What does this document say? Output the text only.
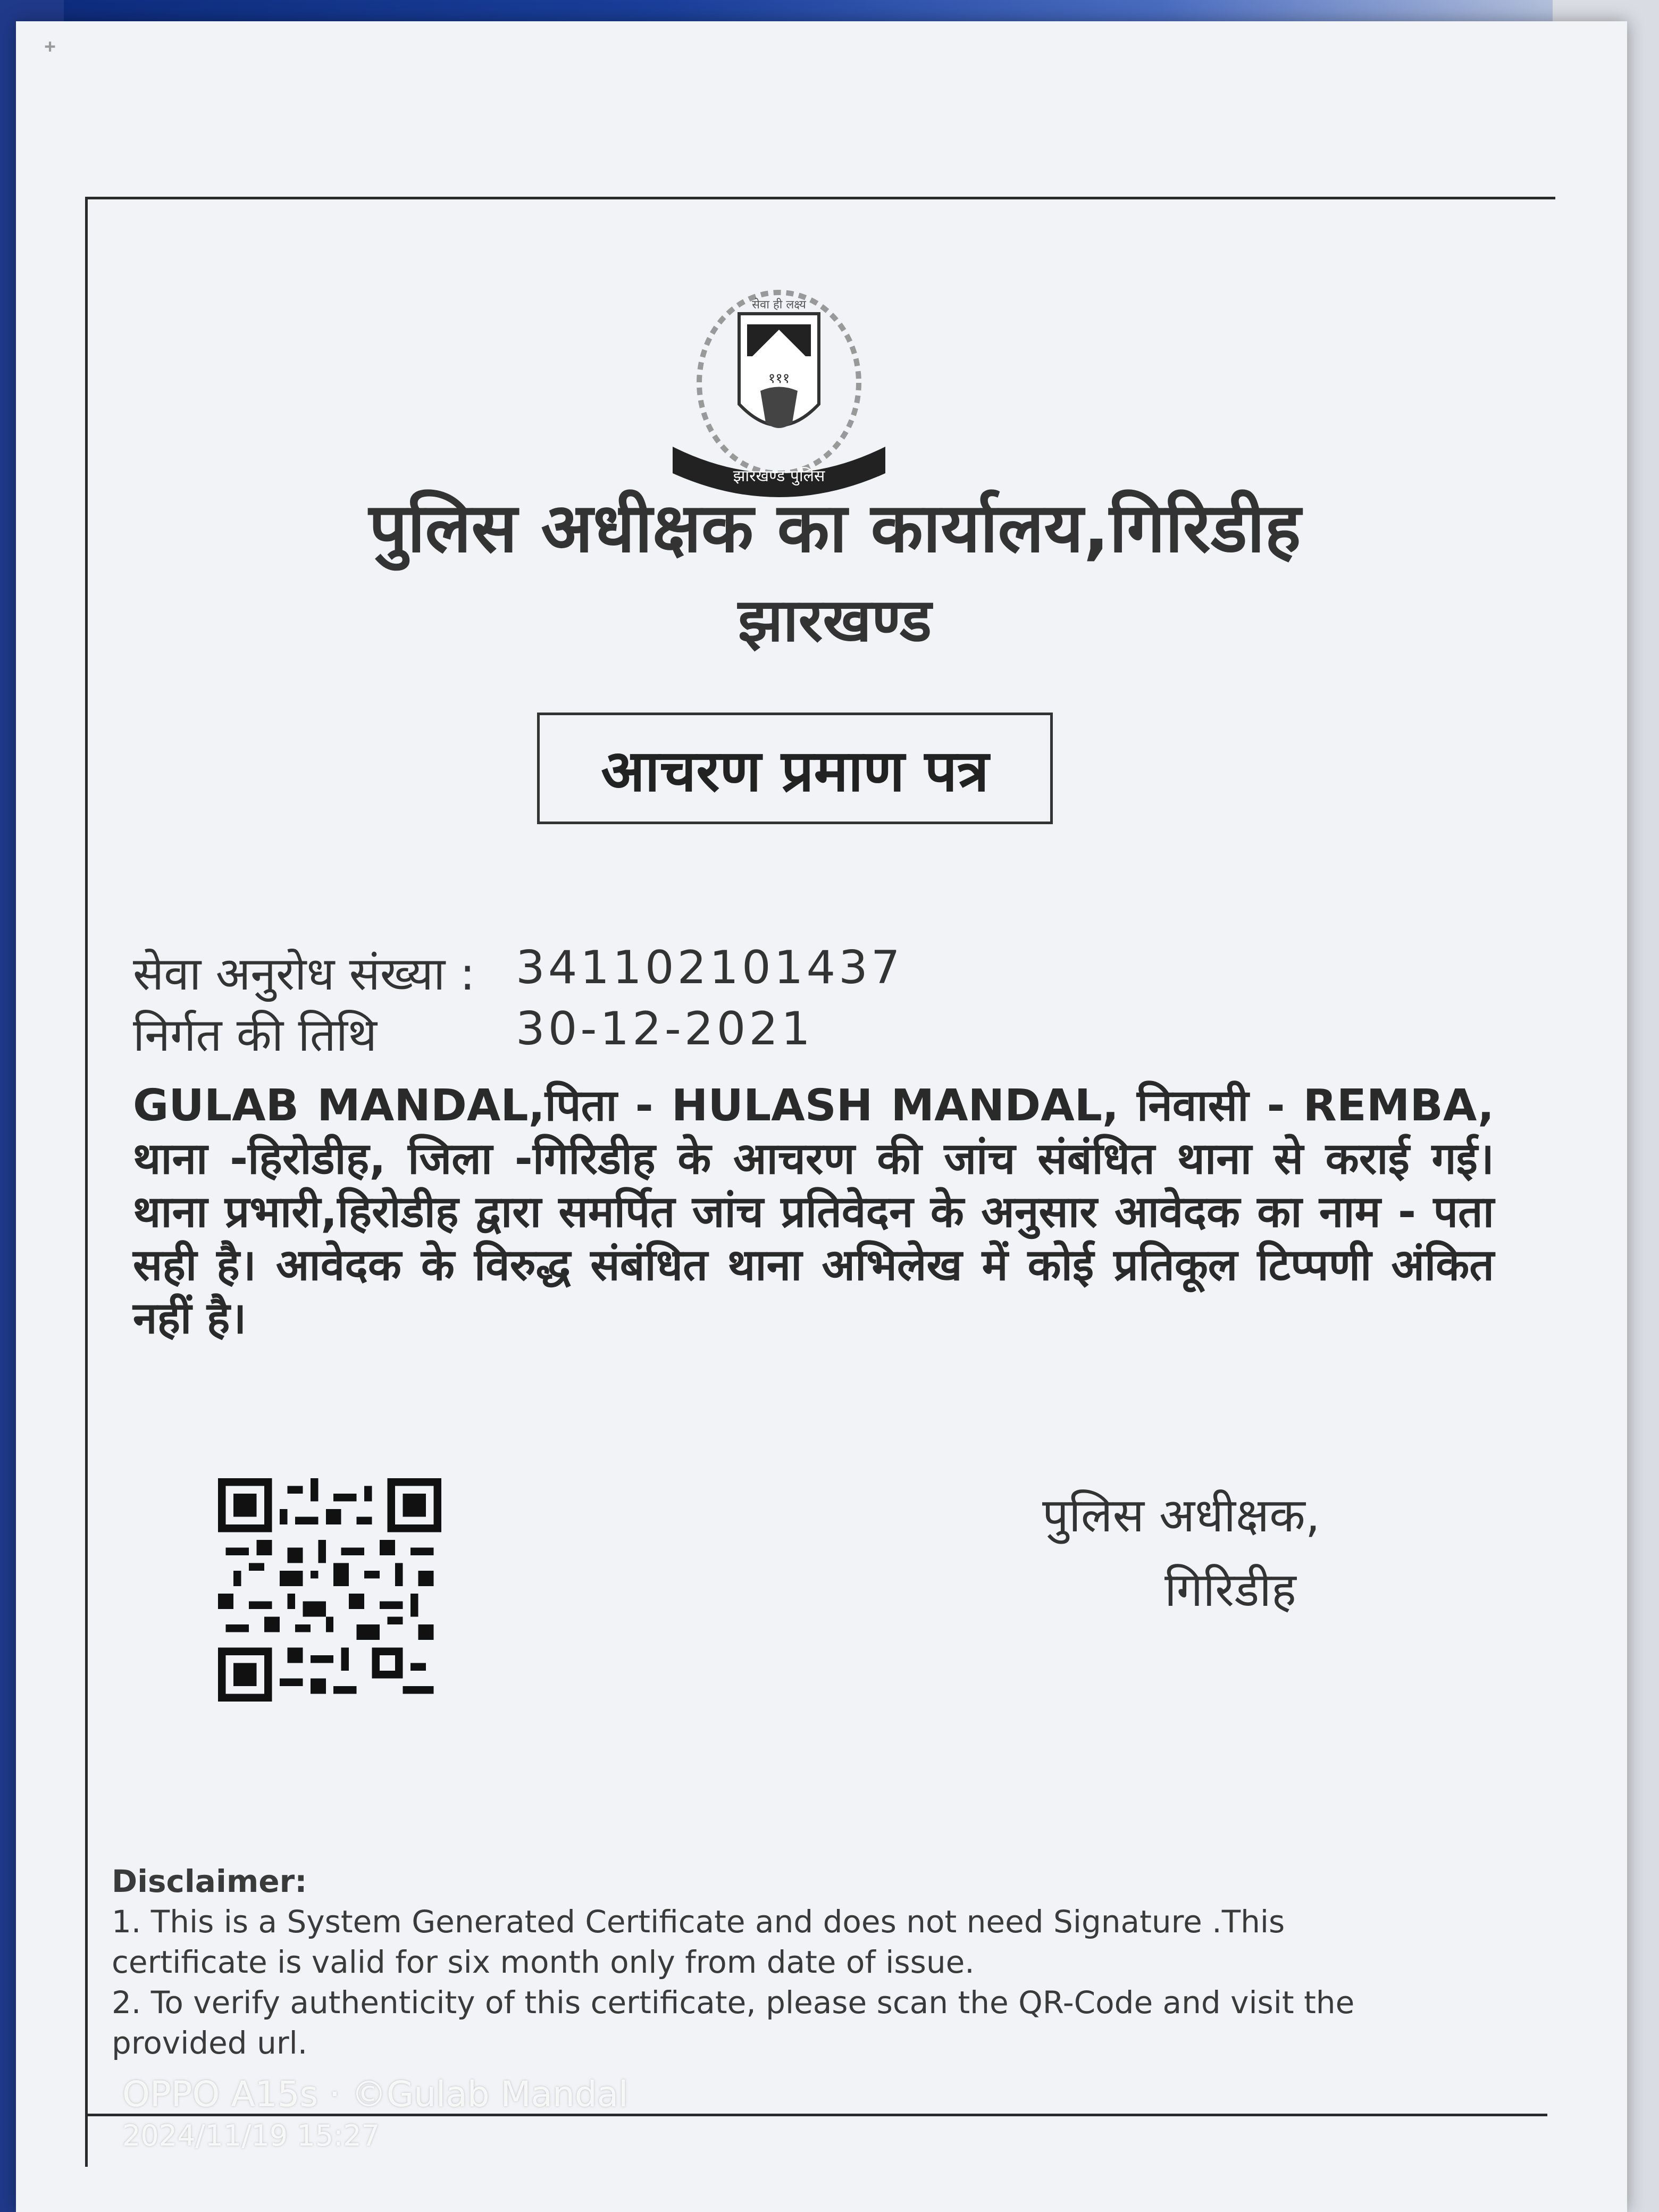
ᐩ
सेवा ही लक्ष्य
१११
झारखण्ड पुलिस
पुलिस अधीक्षक का कार्यालय,गिरिडीह
झारखण्ड
आचरण प्रमाण पत्र
सेवा अनुरोध संख्या : 341102101437
निर्गत की तिथि	30-12-2021
GULAB MANDAL,पिता - HULASH MANDAL, निवासी - REMBA, थाना -हिरोडीह, जिला -गिरिडीह के आचरण की जांच संबंधित थाना से कराई गई। थाना प्रभारी,हिरोडीह द्वारा समर्पित जांच प्रतिवेदन के अनुसार आवेदक का नाम - पता सही है। आवेदक के विरुद्ध संबंधित थाना अभिलेख में कोई प्रतिकूल टिप्पणी अंकित नहीं है।
पुलिस अधीक्षक,
गिरिडीह
Disclaimer:
1. This is a System Generated Certificate and does not need Signature .This certificate is valid for six month only from date of issue.
2. To verify authenticity of this certificate, please scan the QR-Code and visit the provided url.
OPPO A15s · ©Gulab Mandal
2024/11/19 15:27
